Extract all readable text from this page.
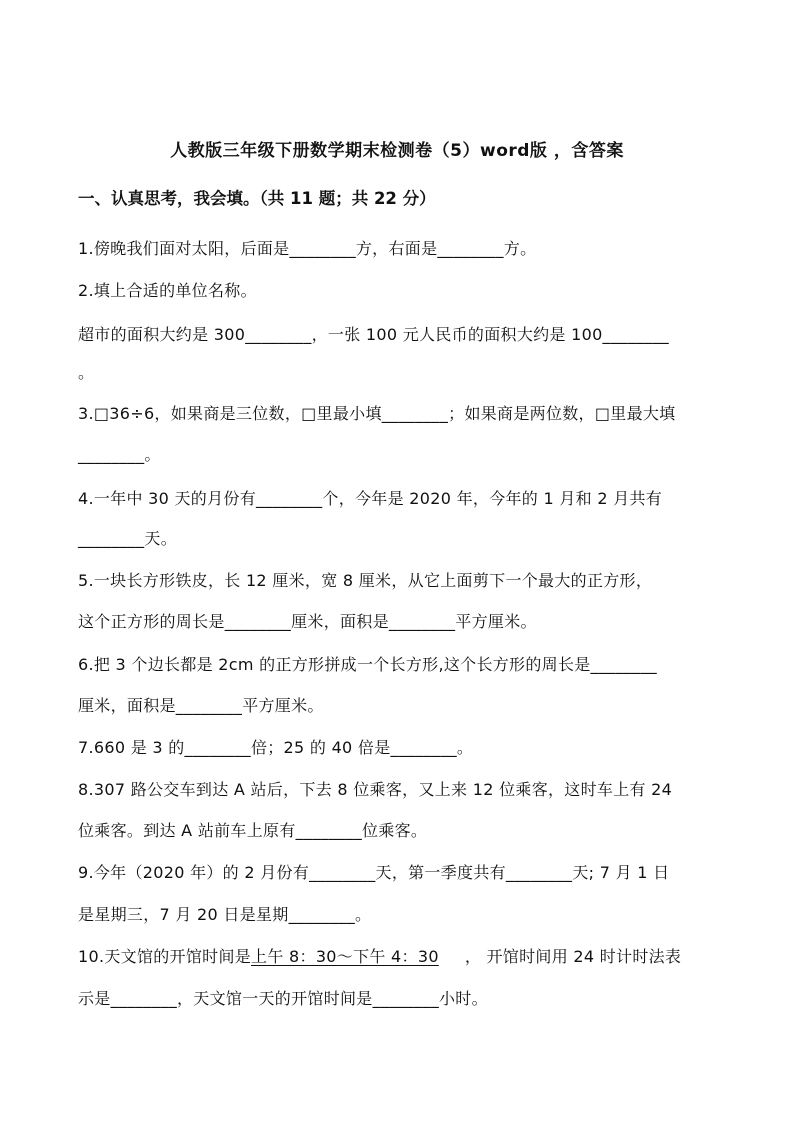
人教版三年级下册数学期末检测卷（5）word版 ，含答案
一、认真思考，我会填。（共 11 题；共 22 分）
1.傍晚我们面对太阳，后面是________方，右面是________方。
2.填上合适的单位名称。
超市的面积大约是 300________，一张 100 元人民币的面积大约是 100________
。
3.□36÷6，如果商是三位数，□里最小填________；如果商是两位数，□里最大填
________。
4.一年中 30 天的月份有________个，今年是 2020 年，今年的 1 月和 2 月共有
________天。
5.一块长方形铁皮，长 12 厘米，宽 8 厘米，从它上面剪下一个最大的正方形，
这个正方形的周长是________厘米，面积是________平方厘米。
6.把 3 个边长都是 2cm 的正方形拼成一个长方形,这个长方形的周长是________
厘米，面积是________平方厘米。
7.660 是 3 的________倍；25 的 40 倍是________。
8.307 路公交车到达 A 站后，下去 8 位乘客，又上来 12 位乘客，这时车上有 24
位乘客。到达 A 站前车上原有________位乘客。
9.今年（2020 年）的 2 月份有________天，第一季度共有________天; 7 月 1 日
是星期三，7 月 20 日是星期________。
10.天文馆的开馆时间是上午 8：30～下午 4：30 ， 开馆时间用 24 时计时法表
示是________，天文馆一天的开馆时间是________小时。
